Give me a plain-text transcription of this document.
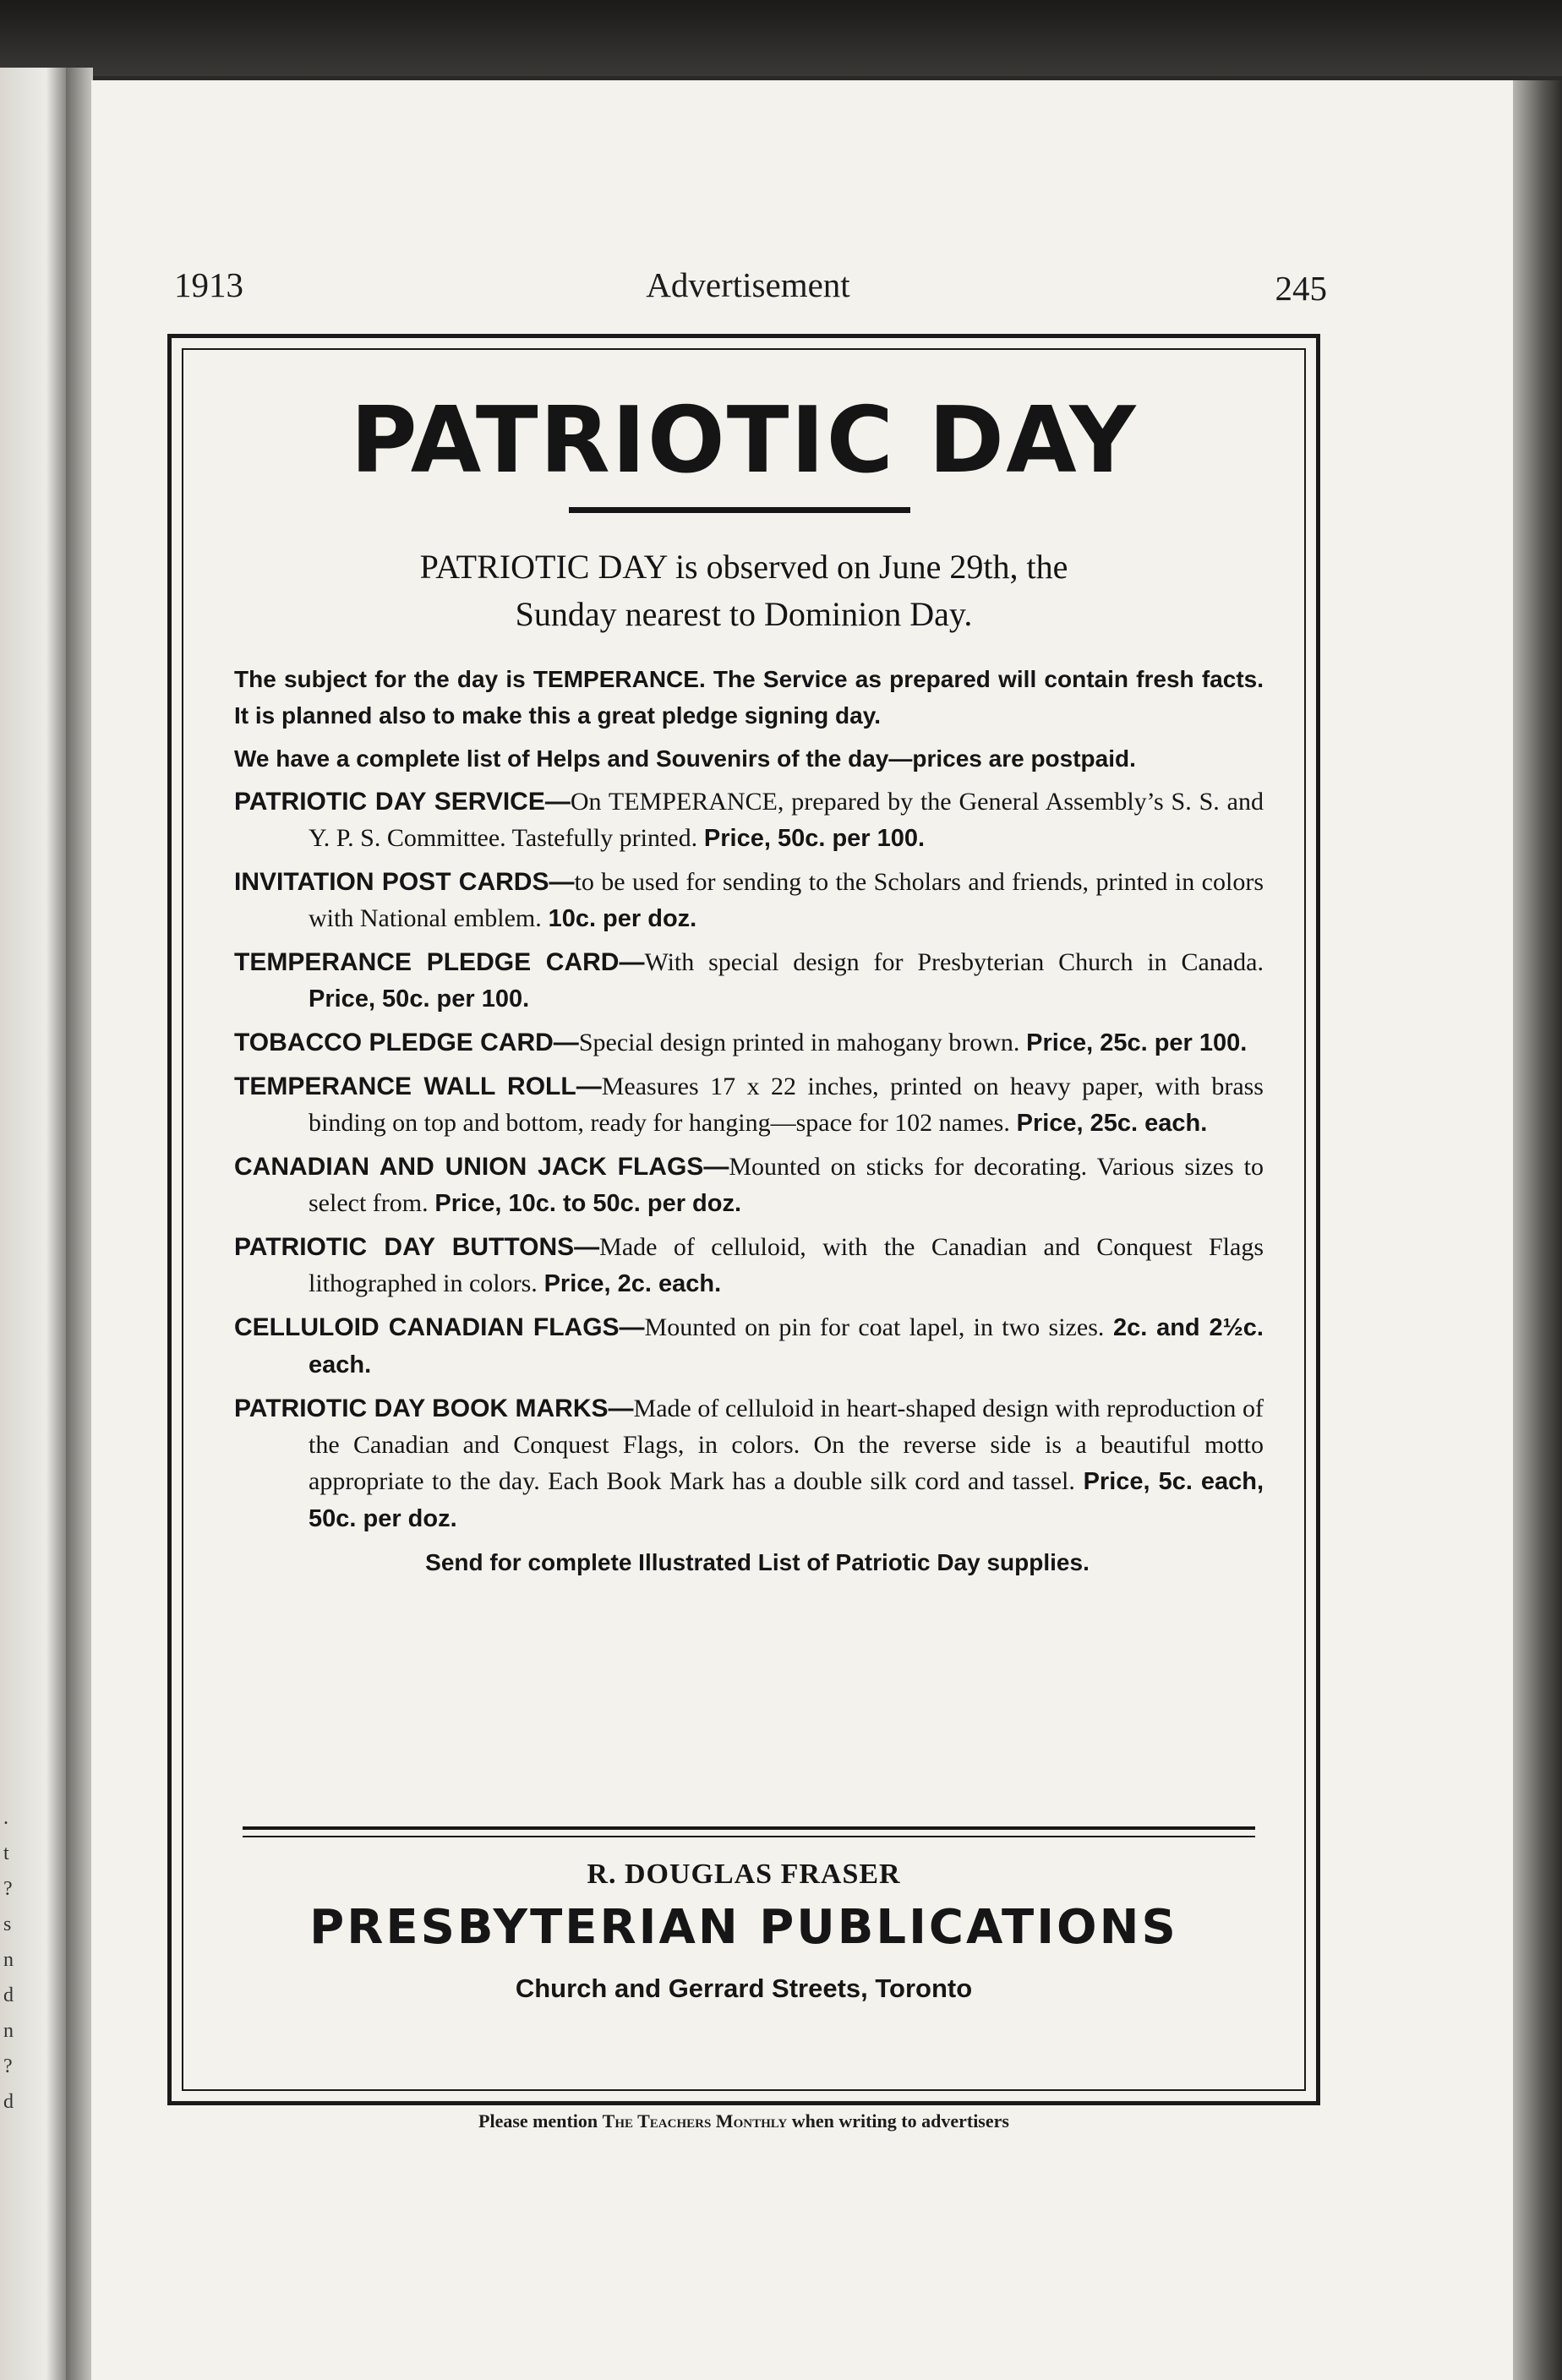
.
t
?
s
n
d
n
?
d
1913	Advertisement	245
PATRIOTIC DAY
PATRIOTIC DAY is observed on June 29th, the
Sunday nearest to Dominion Day.
The subject for the day is TEMPERANCE. The Service as prepared will contain fresh facts. It is planned also to make this a great pledge signing day.
We have a complete list of Helps and Souvenirs of the day—prices are postpaid.
PATRIOTIC DAY SERVICE—On TEMPERANCE, prepared by the General Assembly’s S. S. and Y. P. S. Committee. Tastefully printed. Price, 50c. per 100.
INVITATION POST CARDS—to be used for sending to the Scholars and friends, printed in colors with National emblem. 10c. per doz.
TEMPERANCE PLEDGE CARD—With special design for Presbyterian Church in Canada. Price, 50c. per 100.
TOBACCO PLEDGE CARD—Special design printed in mahogany brown. Price, 25c. per 100.
TEMPERANCE WALL ROLL—Measures 17 x 22 inches, printed on heavy paper, with brass binding on top and bottom, ready for hanging—space for 102 names. Price, 25c. each.
CANADIAN AND UNION JACK FLAGS—Mounted on sticks for decorating. Various sizes to select from. Price, 10c. to 50c. per doz.
PATRIOTIC DAY BUTTONS—Made of celluloid, with the Canadian and Conquest Flags lithographed in colors. Price, 2c. each.
CELLULOID CANADIAN FLAGS—Mounted on pin for coat lapel, in two sizes. 2c. and 2½c. each.
PATRIOTIC DAY BOOK MARKS—Made of celluloid in heart-shaped design with reproduction of the Canadian and Conquest Flags, in colors. On the reverse side is a beautiful motto appropriate to the day. Each Book Mark has a double silk cord and tassel. Price, 5c. each, 50c. per doz.
Send for complete Illustrated List of Patriotic Day supplies.
R. DOUGLAS FRASER
PRESBYTERIAN PUBLICATIONS
Church and Gerrard Streets, Toronto
Please mention The Teachers Monthly when writing to advertisers
